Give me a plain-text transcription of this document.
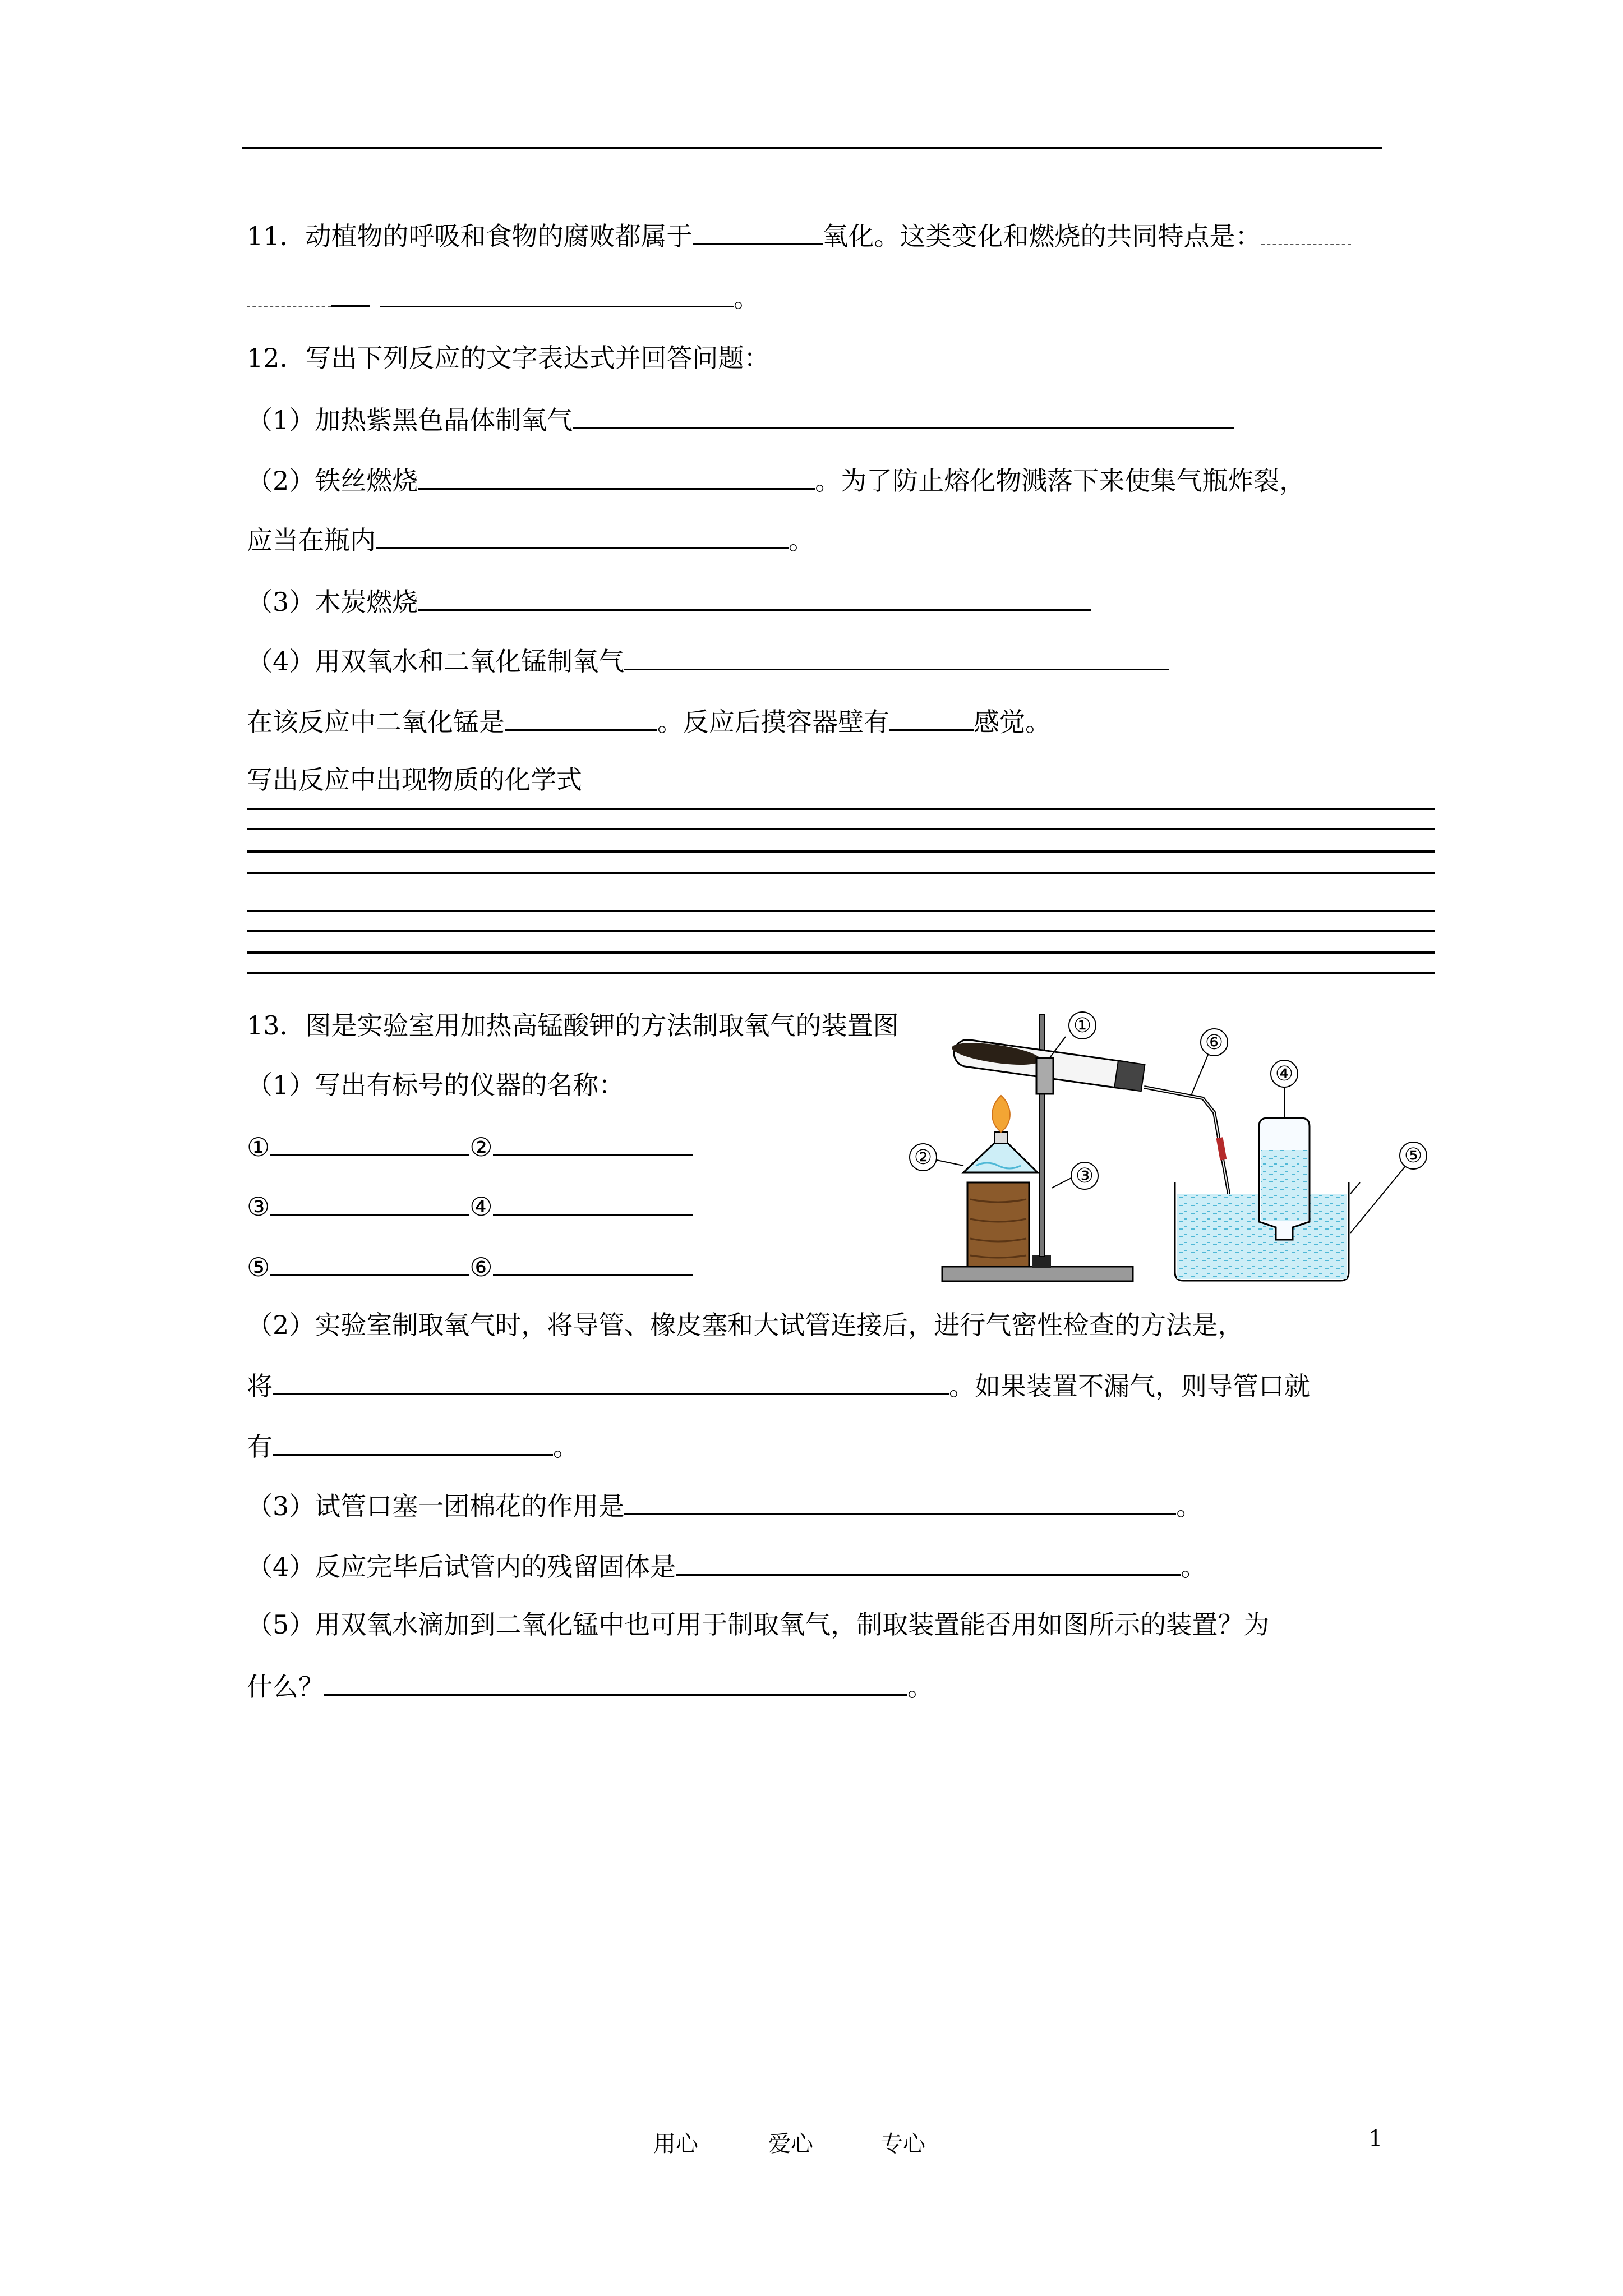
11．动植物的呼吸和食物的腐败都属于	氧化。这类变化和燃烧的共同特点是：
。
12．写出下列反应的文字表达式并回答问题：
（1）加热紫黑色晶体制氧气
（2）铁丝燃烧	。为了防止熔化物溅落下来使集气瓶炸裂，
应当在瓶内	。
（3）木炭燃烧
（4）用双氧水和二氧化锰制氧气
在该反应中二氧化锰是	。反应后摸容器壁有	感觉。
写出反应中出现物质的化学式
13．图是实验室用加热高锰酸钾的方法制取氧气的装置图
（1）写出有标号的仪器的名称：
①	②
③	④
⑤	⑥
（2）实验室制取氧气时，将导管、橡皮塞和大试管连接后，进行气密性检查的方法是，
将	。如果装置不漏气，则导管口就
有	。
（3）试管口塞一团棉花的作用是	。
（4）反应完毕后试管内的残留固体是	。
（5）用双氧水滴加到二氧化锰中也可用于制取氧气，制取装置能否用如图所示的装置？为
什么？	。
①
②
③
④
⑤
⑥
用心	爱心	专心	1
